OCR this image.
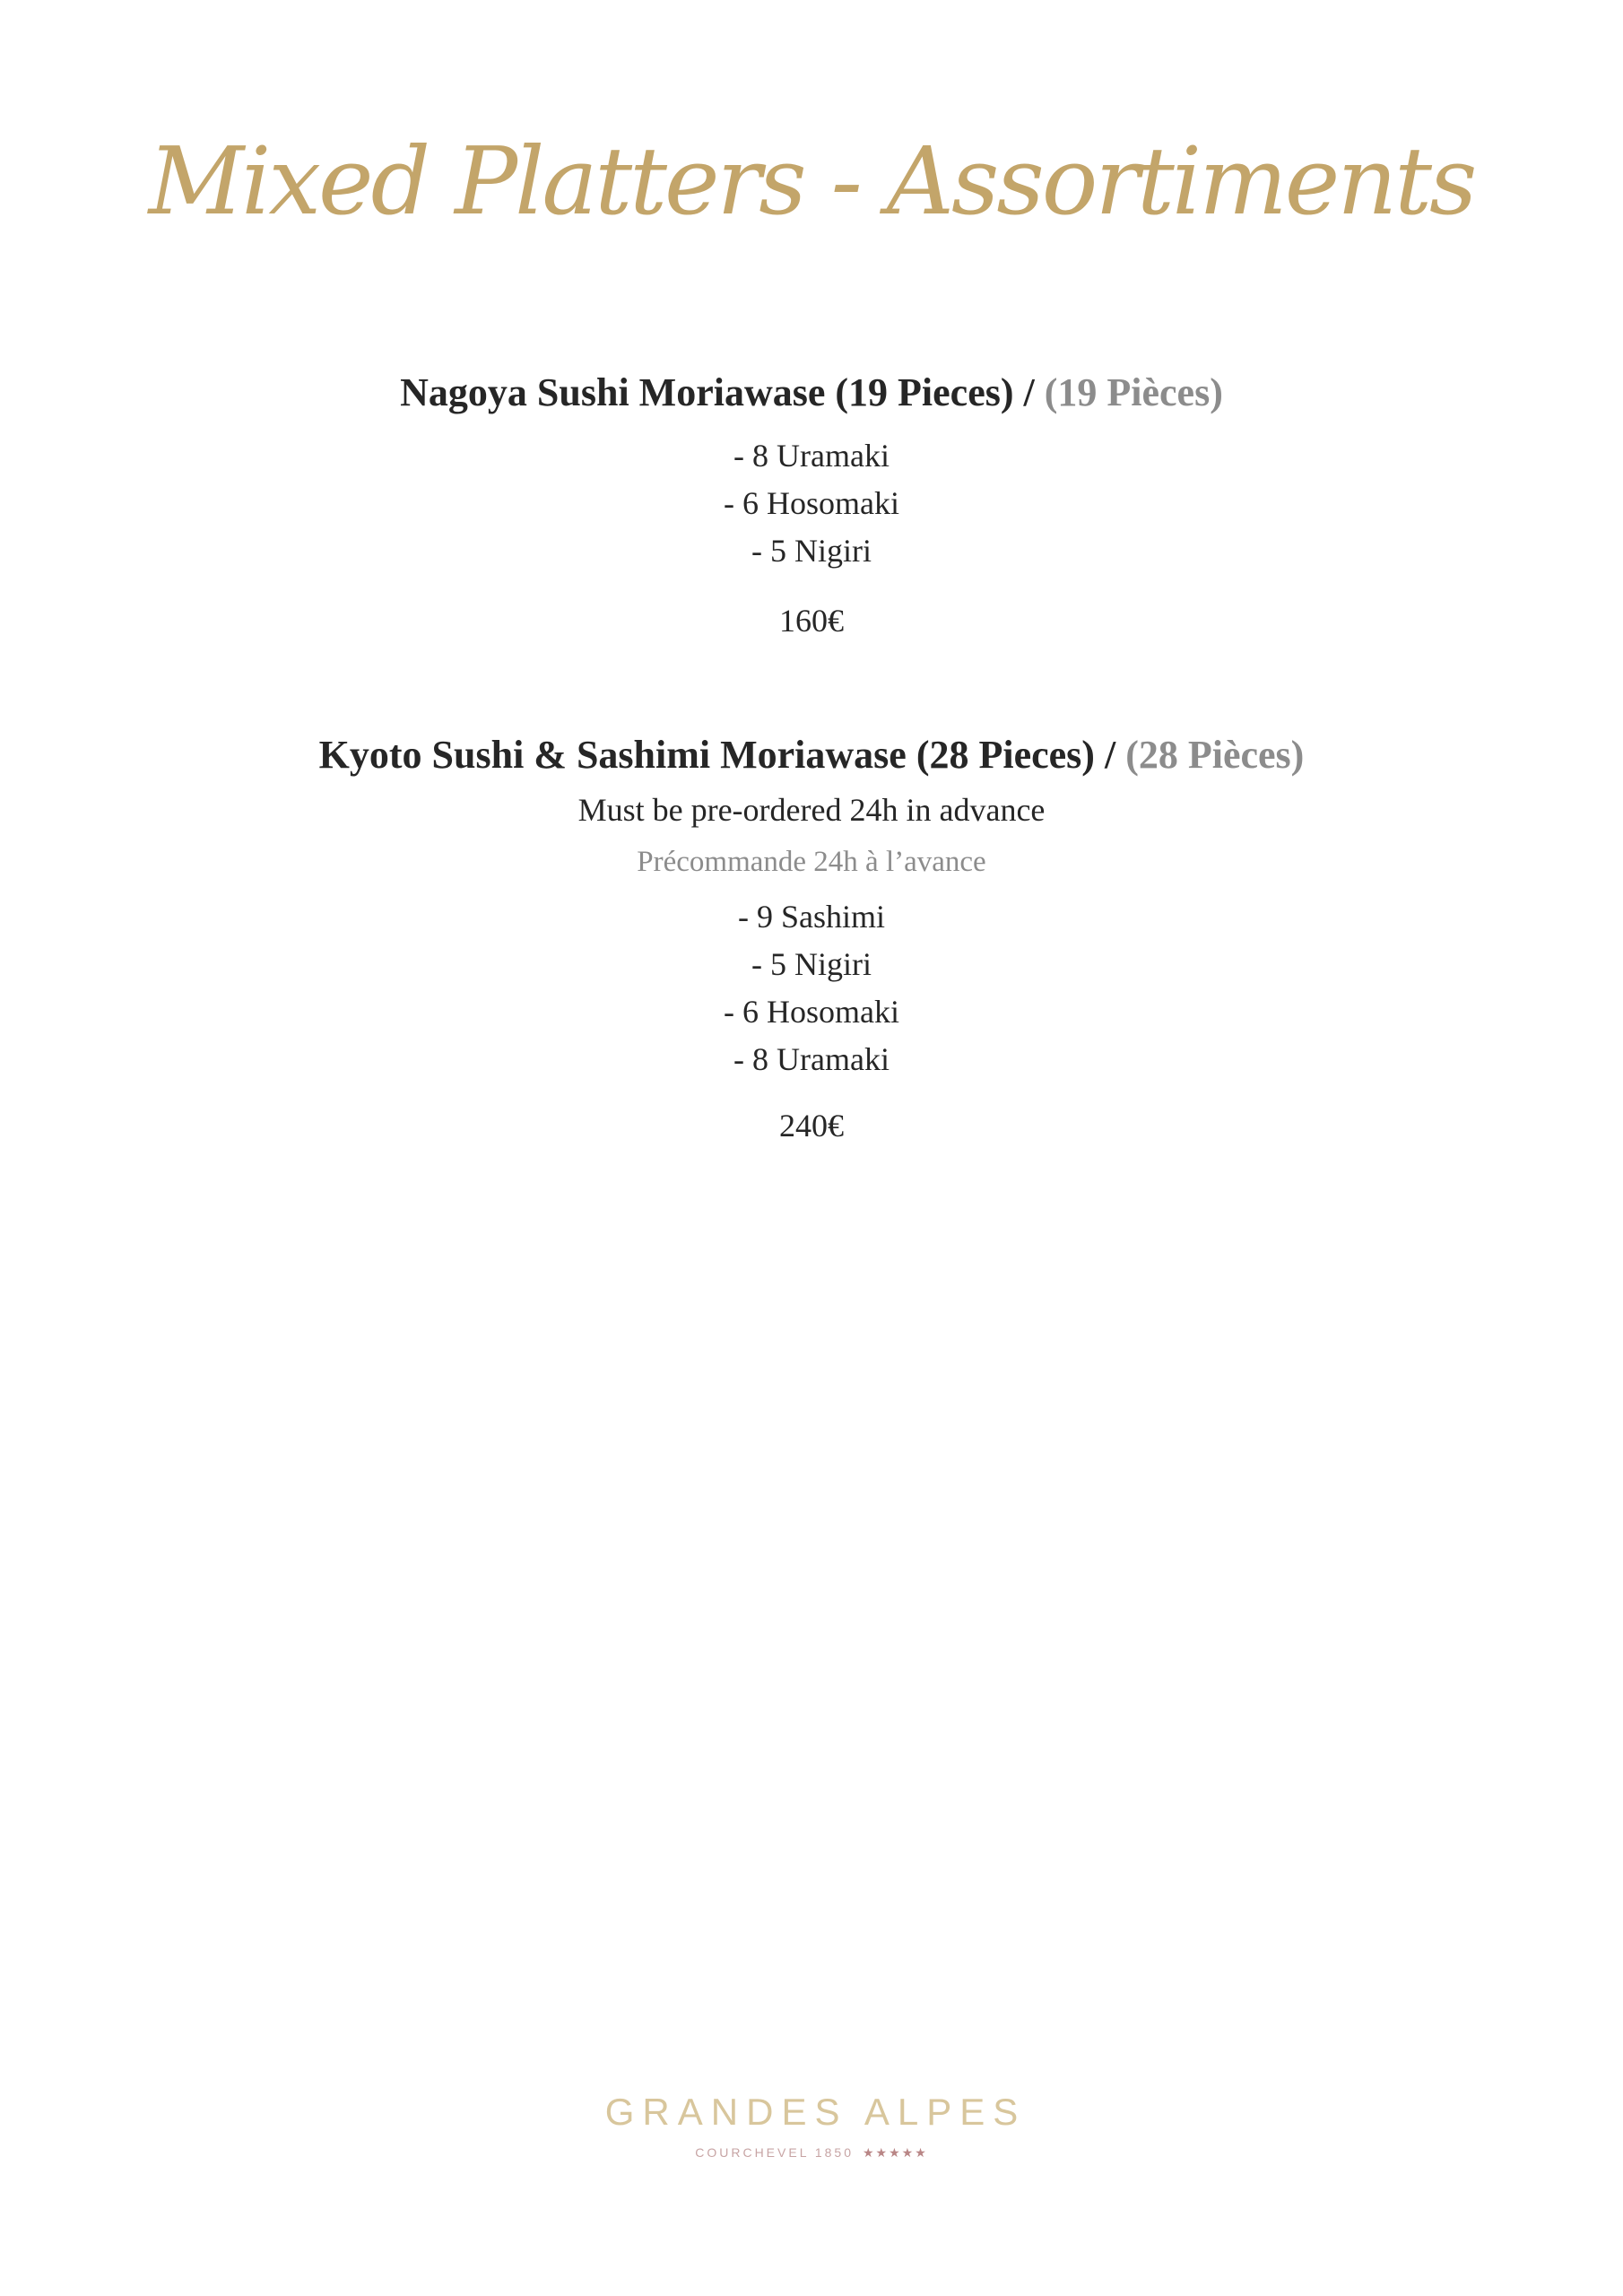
Mixed Platters - Assortiments
Nagoya Sushi Moriawase (19 Pieces) / (19 Pièces)
- 8 Uramaki
- 6 Hosomaki
- 5 Nigiri
160€
Kyoto Sushi & Sashimi Moriawase (28 Pieces) / (28 Pièces)
Must be pre-ordered 24h in advance
Précommande 24h à l’avance
- 9 Sashimi
- 5 Nigiri
- 6 Hosomaki
- 8 Uramaki
240€
GRANDES ALPES
COURCHEVEL 1850 ★★★★★
